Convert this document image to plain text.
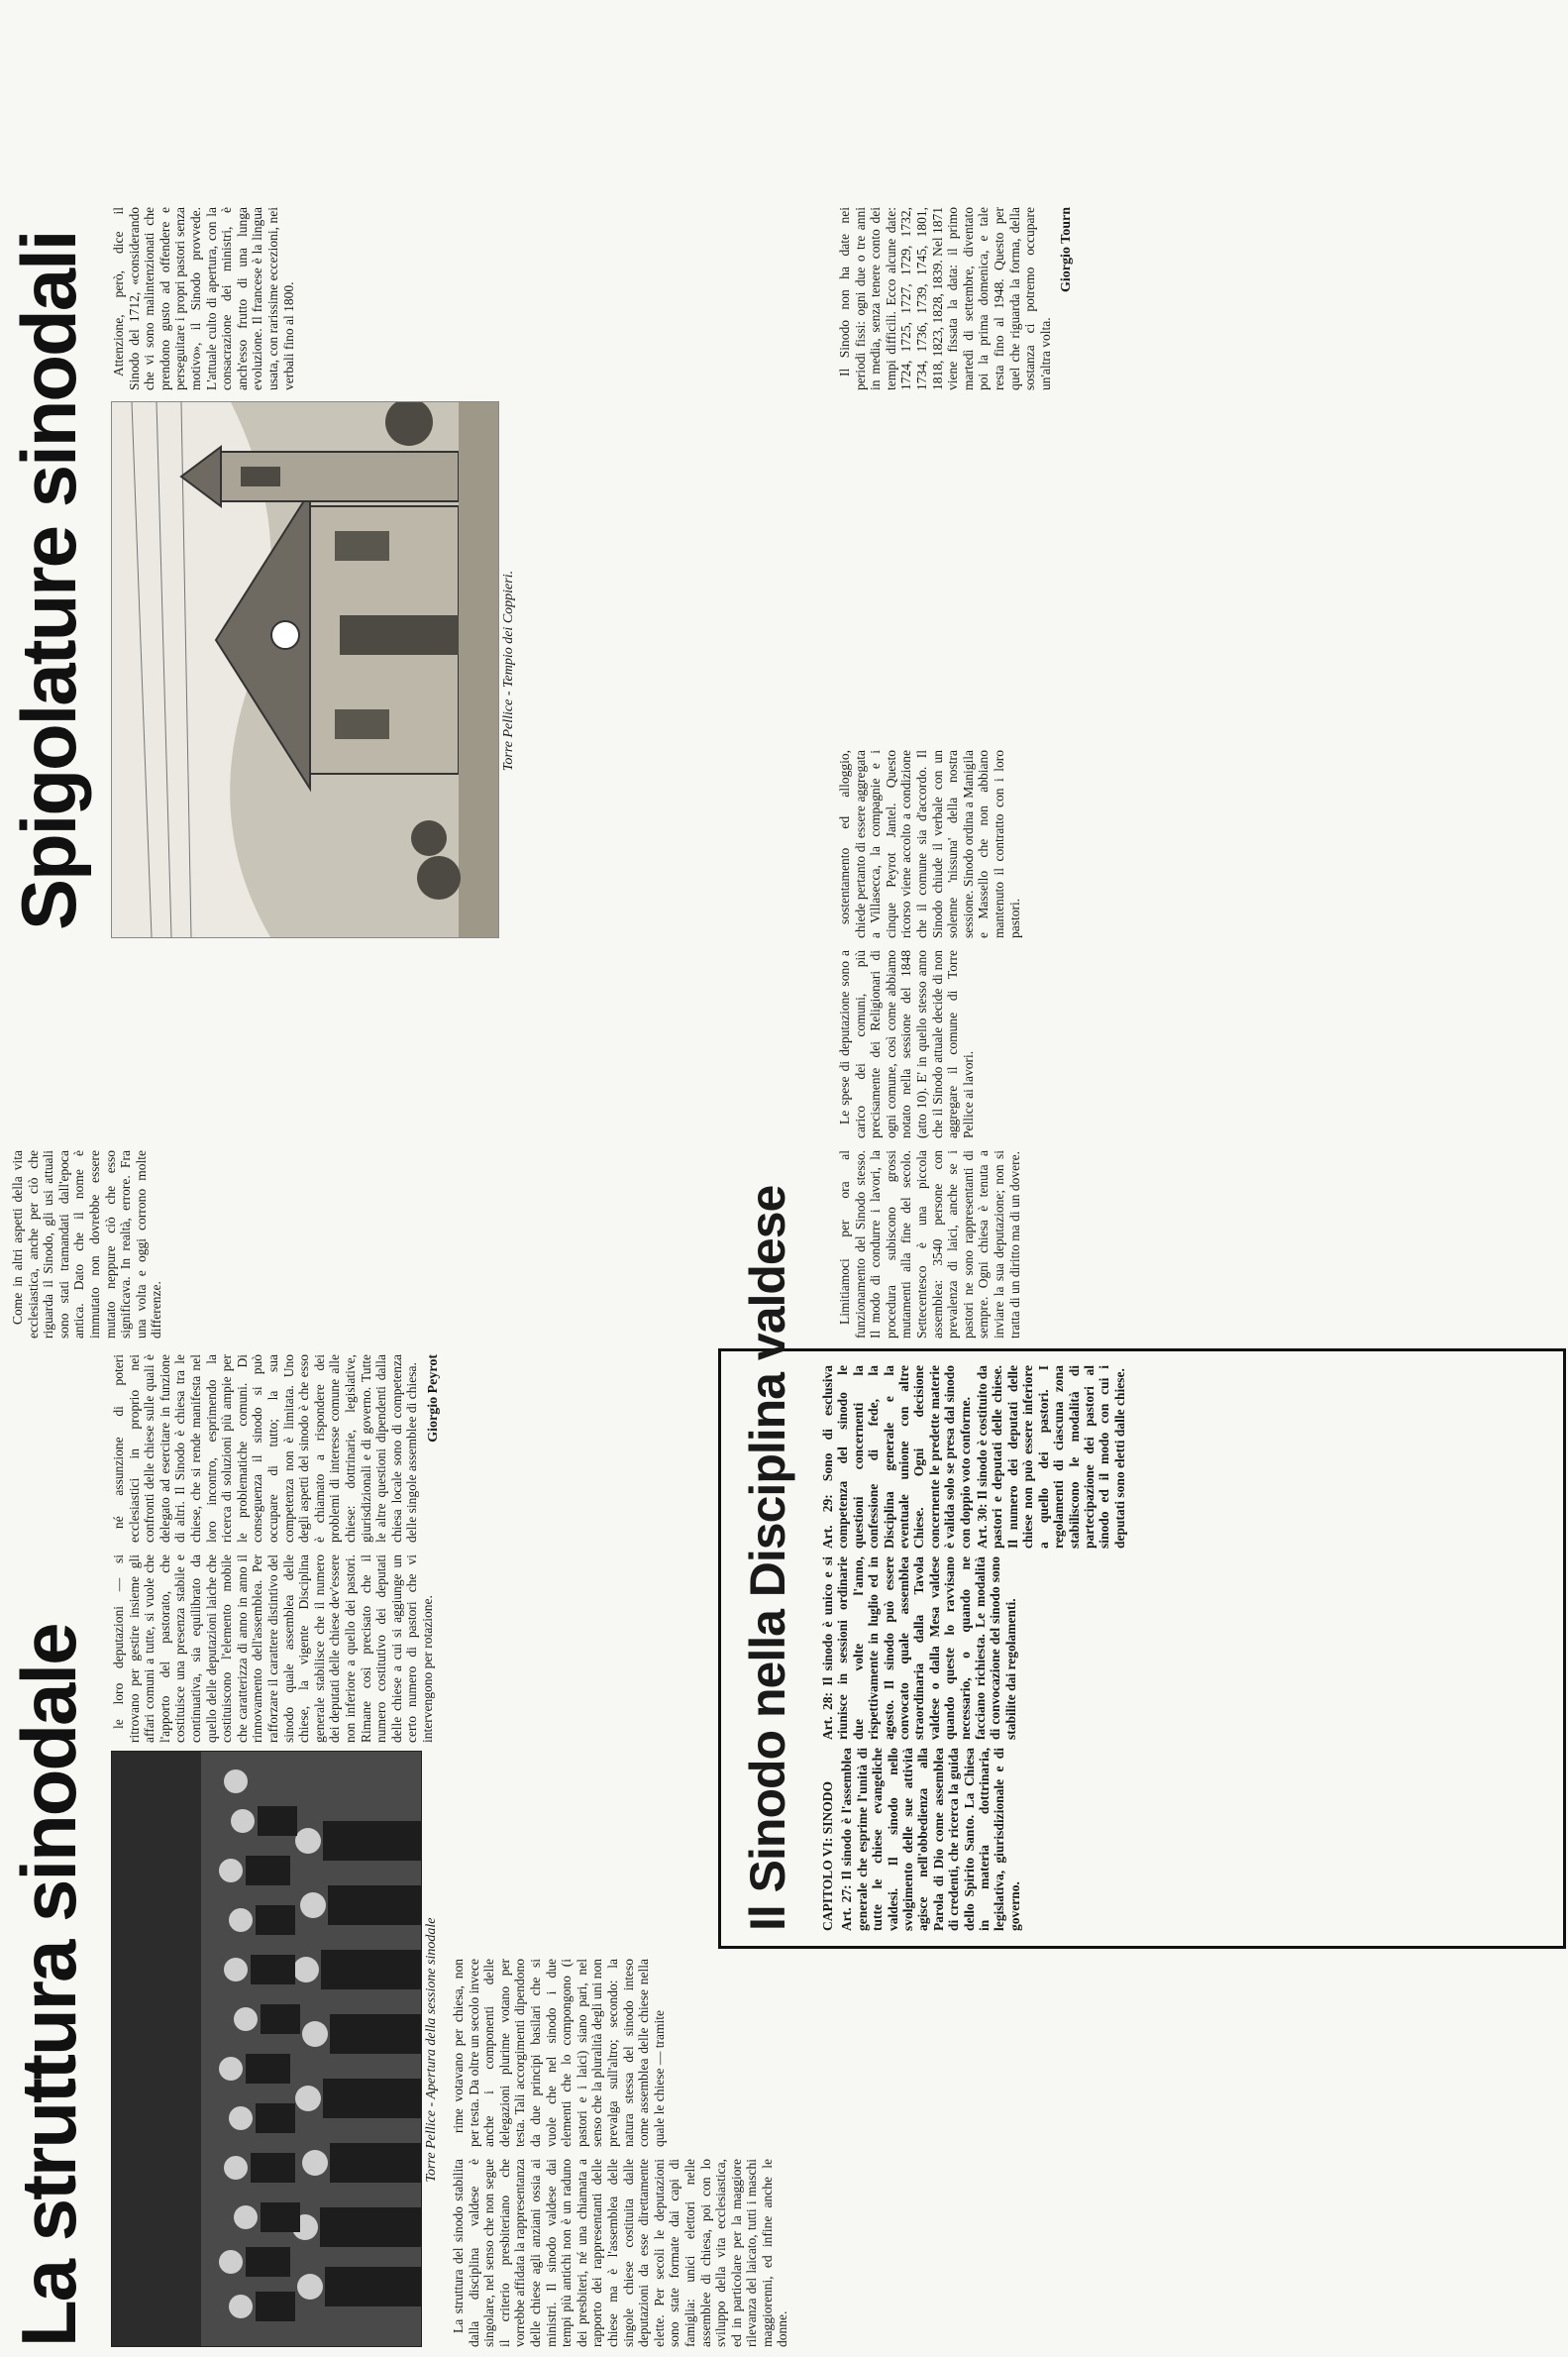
La struttura sinodale	Torre Pellice - Apertura della sessione sinodale

La struttura del sinodo stabilita dalla disciplina valdese è singolare, nel senso che non segue il criterio presbiteriano che vorrebbe affidata la rappresentanza delle chiese agli anziani ossia ai ministri. Il sinodo valdese dai tempi più antichi non è un raduno dei presbiteri, né una chiamata a rapporto dei rappresentanti delle chiese ma è l'assemblea delle singole chiese costituita dalle deputazioni da esse direttamente elette. Per secoli le deputazioni sono state formate dai capi di famiglia: unici elettori nelle assemblee di chiesa, poi con lo sviluppo della vita ecclesiastica, ed in particolare per la maggiore rilevanza del laicato, tutti i maschi maggiorenni, ed infine anche le donne.

rime votavano per chiesa, non per testa. Da oltre un secolo invece anche i componenti delle delegazioni plurime votano per testa. Tali accorgimenti dipendono da due principi basilari che si vuole che nel sinodo i due elementi che lo compongono (i pastori e i laici) siano pari, nel senso che la pluralità degli uni non prevalga sull'altro; secondo: la natura stessa del sinodo inteso come assemblea delle chiese nella quale le chiese — tramite

le loro deputazioni — si ritrovano per gestire insieme gli affari comuni a tutte, si vuole che l'apporto del pastorato, che costituisce una presenza stabile e continuativa, sia equilibrato da quello delle deputazioni laiche che costituiscono l'elemento mobile che caratterizza di anno in anno il rinnovamento dell'assemblea. Per rafforzare il carattere distintivo del sinodo quale assemblea delle chiese, la vigente Disciplina generale stabilisce che il numero dei deputati delle chiese dev'essere non inferiore a quello dei pastori. Rimane così precisato che il numero costitutivo dei deputati delle chiese a cui si aggiunge un certo numero di pastori che vi intervengono per rotazione.

né assunzione di poteri ecclesiastici in proprio nei confronti delle chiese sulle quali è delegato ad esercitare in funzione di altri. Il Sinodo è chiesa tra le chiese, che si rende manifesta nel loro incontro, esprimendo la ricerca di soluzioni più ampie per le problematiche comuni. Di conseguenza il sinodo si può occupare di tutto; la sua competenza non è limitata. Uno degli aspetti del sinodo è che esso è chiamato a rispondere dei problemi di interesse comune alle chiese: dottrinarie, legislative, giurisdizionali e di governo. Tutte le altre questioni dipendenti dalla chiesa locale sono di competenza delle singole assemblee di chiesa. Giorgio Peyrot	Il Sinodo nella Disciplina valdese CAPITOLO VI: SINODO Art. 27: Il sinodo è l'assemblea generale che esprime l'unità di tutte le chiese evangeliche valdesi. Il sinodo nello svolgimento delle sue attività agisce nell'obbedienza alla Parola di Dio come assemblea di credenti, che ricerca la guida dello Spirito Santo. La Chiesa in materia dottrinaria, legislativa, giurisdizionale e di governo.

Art. 28: Il sinodo è unico e si riunisce in sessioni ordinarie due volte l'anno, rispettivamente in luglio ed in agosto. Il sinodo può essere convocato quale assemblea straordinaria dalla Tavola valdese o dalla Mesa valdese quando queste lo ravvisano necessario, o quando ne facciano richiesta. Le modalità di convocazione del sinodo sono stabilite dai regolamenti.

Art. 29: Sono di esclusiva competenza del sinodo le questioni concernenti la confessione di fede, la Disciplina generale e la eventuale unione con altre Chiese. Ogni decisione concernente le predette materie è valida solo se presa dal sinodo con doppio voto conforme. Art. 30: Il sinodo è costituito da pastori e deputati delle chiese. Il numero dei deputati delle chiese non può essere inferiore a quello dei pastori. I regolamenti di ciascuna zona stabiliscono le modalità di partecipazione dei pastori al sinodo ed il modo con cui i deputati sono eletti dalle chiese.

Come in altri aspetti della vita ecclesiastica, anche per ciò che riguarda il Sinodo, gli usi attuali sono stati tramandati dall'epoca antica. Dato che il nome è immutato non dovrebbe essere mutato neppure ciò che esso significava. In realtà, errore. Fra una volta e oggi corrono molte differenze.	Limitiamoci per ora al funzionamento del Sinodo stesso. Il modo di condurre i lavori, la procedura subiscono grossi mutamenti alla fine del secolo. Settecentesco è una piccola assemblea: 3540 persone con prevalenza di laici, anche se i pastori ne sono rappresentanti di sempre. Ogni chiesa è tenuta a inviare la sua deputazione; non si tratta di un diritto ma di un dovere.

Le spese di deputazione sono a carico dei comuni, più precisamente dei Religionari di ogni comune, così come abbiamo notato nella sessione del 1848 (atto 10). E' in quello stesso anno che il Sinodo attuale decide di non aggregare il comune di Torre Pellice ai lavori.

Spigolature sinodali	Torre Pellice - Tempio dei Coppieri.

sostentamento ed alloggio, chiede pertanto di essere aggregata a Villasecca, la compagnie e i cinque Peyrot Jantel. Questo ricorso viene accolto a condizione che il comune sia d'accordo. Il Sinodo chiude il verbale con un solenne 'nissuna' della nostra sessione. Sinodo ordina a Manigila e Massello che non abbiano mantenuto il contratto con i loro pastori.

Attenzione, però, dice il Sinodo del 1712, «considerando che vi sono malintenzionati che prendono gusto ad offendere e perseguitare i propri pastori senza motivo», il Sinodo provvede. L'attuale culto di apertura, con la consacrazione dei ministri, è anch'esso frutto di una lunga evoluzione. Il francese è la lingua usata, con rarissime eccezioni, nei verbali fino al 1800.	Il Sinodo non ha date nei periodi fissi: ogni due o tre anni in media, senza tenere conto dei tempi difficili. Ecco alcune date: 1724, 1725, 1727, 1729, 1732, 1734, 1736, 1739, 1745, 1801, 1818, 1823, 1828, 1839. Nel 1871 viene fissata la data: il primo martedì di settembre, diventato poi la prima domenica, e tale resta fino al 1948. Questo per quel che riguarda la forma, della sostanza ci potremo occupare un'altra volta.

Giorgio Tourn
